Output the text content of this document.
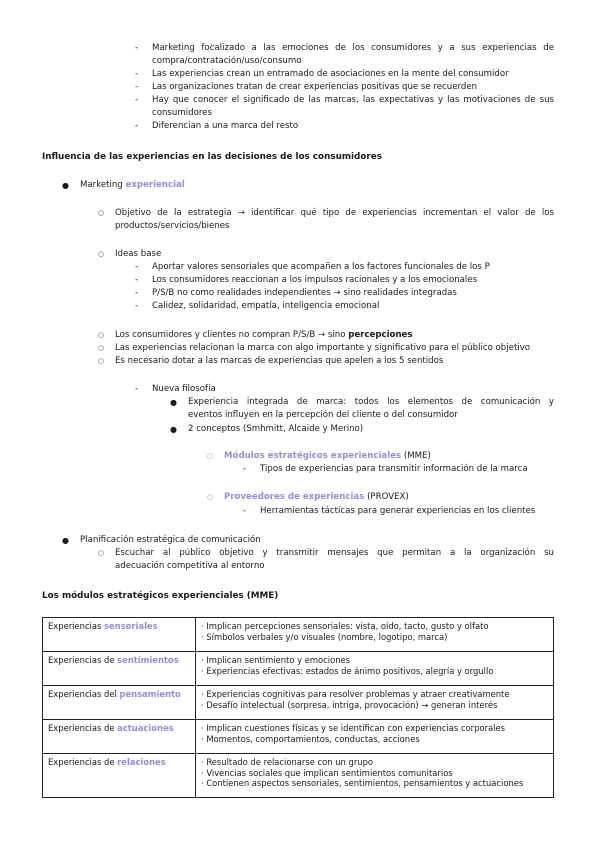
-	Marketing focalizado a las emociones de los consumidores y a sus experiencias de
compra/contratación/uso/consumo
-	Las experiencias crean un entramado de asociaciones en la mente del consumidor
-	Las organizaciones tratan de crear experiencias positivas que se recuerden
-	Hay que conocer el significado de las marcas, las expectativas y las motivaciones de sus
consumidores
-	Diferencian a una marca del resto
Influencia de las experiencias en las decisiones de los consumidores
● Marketing experiencial
○ Objetivo de la estrategia → identificar qué tipo de experiencias incrementan el valor de los
productos/servicios/bienes
○ Ideas base
-	Aportar valores sensoriales que acompañen a los factores funcionales de los P
-	Los consumidores reaccionan a los impulsos racionales y a los emocionales
-	P/S/B no como realidades independientes → sino realidades integradas
-	Calidez, solidaridad, empatía, inteligencia emocional
○ Los consumidores y clientes no compran P/S/B → sino percepciones
○ Las experiencias relacionan la marca con algo importante y significativo para el público objetivo
○ Es necesario dotar a las marcas de experiencias que apelen a los 5 sentidos
-	Nueva filosofía
● Experiencia integrada de marca: todos los elementos de comunicación y
eventos influyen en la percepción del cliente o del consumidor
● 2 conceptos (Smhmitt, Alcaide y Merino)
○ Módulos estratégicos experienciales (MME)
-	Tipos de experiencias para transmitir información de la marca
○ Proveedores de experiencias (PROVEX)
-	Herramientas tácticas para generar experiencias en los clientes
● Planificación estratégica de comunicación
○ Escuchar al público objetivo y transmitir mensajes que permitan a la organización su
adecuación competitiva al entorno
Los módulos estratégicos experienciales (MME)
Experiencias sensoriales	· Implican percepciones sensoriales: vista, oído, tacto, gusto y olfato
· Símbolos verbales y/o visuales (nombre, logotipo, marca)

Experiencias de sentimientos	· Implican sentimiento y emociones
· Experiencias efectivas: estados de ánimo positivos, alegría y orgullo

Experiencias del pensamiento	· Experiencias cognitivas para resolver problemas y atraer creativamente
· Desafío intelectual (sorpresa, intriga, provocación) → generan interés

Experiencias de actuaciones	· Implican cuestiones físicas y se identifican con experiencias corporales
· Momentos, comportamientos, conductas, acciones

Experiencias de relaciones	· Resultado de relacionarse con un grupo
· Vivencias sociales que implican sentimientos comunitarios
· Contienen aspectos sensoriales, sentimientos, pensamientos y actuaciones
